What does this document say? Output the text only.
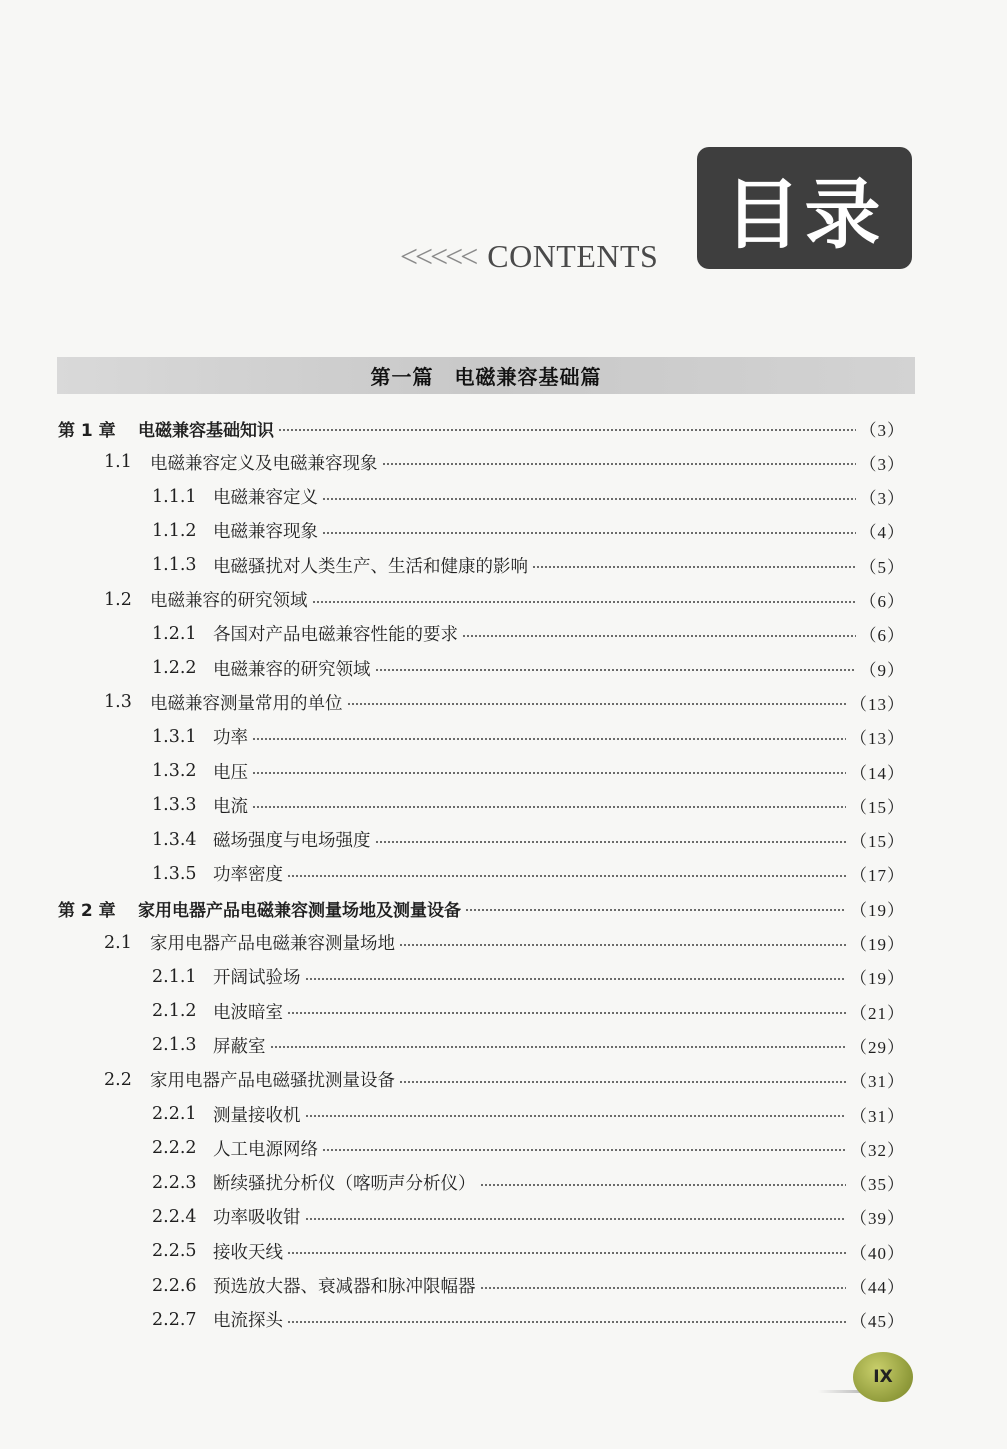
<<<<< CONTENTS 目录
第一篇　电磁兼容基础篇
第 1 章	电磁兼容基础知识	（3）
1.1	电磁兼容定义及电磁兼容现象	（3）
1.1.1 电磁兼容定义	（3）
1.1.2 电磁兼容现象	（4）
1.1.3 电磁骚扰对人类生产、生活和健康的影响	（5）
1.2	电磁兼容的研究领域	（6）
1.2.1 各国对产品电磁兼容性能的要求	（6）
1.2.2 电磁兼容的研究领域	（9）
1.3	电磁兼容测量常用的单位	（13）
1.3.1 功率	（13）
1.3.2 电压	（14）
1.3.3 电流	（15）
1.3.4 磁场强度与电场强度	（15）
1.3.5 功率密度	（17）
第 2 章	家用电器产品电磁兼容测量场地及测量设备	（19）
2.1	家用电器产品电磁兼容测量场地	（19）
2.1.1 开阔试验场	（19）
2.1.2 电波暗室	（21）
2.1.3 屏蔽室	（29）
2.2	家用电器产品电磁骚扰测量设备	（31）
2.2.1 测量接收机	（31）
2.2.2 人工电源网络	（32）
2.2.3 断续骚扰分析仪（喀呖声分析仪）	（35）
2.2.4 功率吸收钳	（39）
2.2.5 接收天线	（40）
2.2.6 预选放大器、衰减器和脉冲限幅器	（44）
2.2.7 电流探头	（45）
IX
